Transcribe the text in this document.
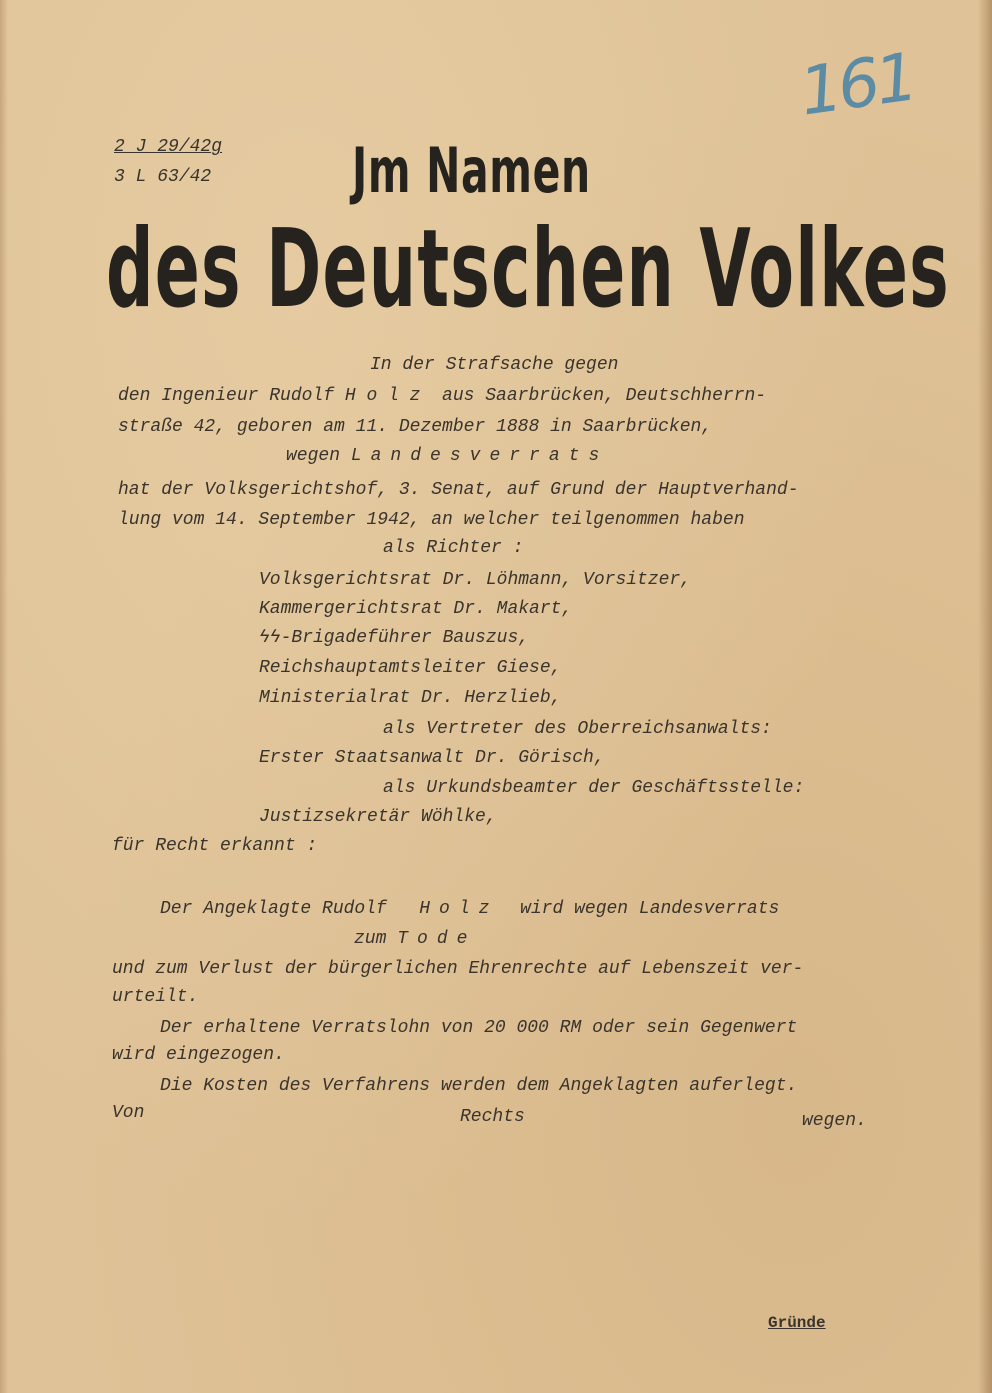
161
2 J 29/42g
3 L 63/42 Jm Namen
des Deutschen Volkes
In der Strafsache gegen
den Ingenieur Rudolf H o l z  aus Saarbrücken, Deutschherrn-
straße 42, geboren am 11. Dezember 1888 in Saarbrücken,
wegen Landesverrats
hat der Volksgerichtshof, 3. Senat, auf Grund der Hauptverhand-
lung vom 14. September 1942, an welcher teilgenommen haben
als Richter :
Volksgerichtsrat Dr. Löhmann, Vorsitzer,
Kammergerichtsrat Dr. Makart,
ϟϟ-Brigadeführer Bauszus,
Reichshauptamtsleiter Giese,
Ministerialrat Dr. Herzlieb,
als Vertreter des Oberreichsanwalts:
Erster Staatsanwalt Dr. Görisch,
als Urkundsbeamter der Geschäftsstelle:
Justizsekretär Wöhlke,
für Recht erkannt :
Der Angeklagte Rudolf Holz wird wegen Landesverrats
zum Tode
und zum Verlust der bürgerlichen Ehrenrechte auf Lebenszeit ver-
urteilt.
Der erhaltene Verratslohn von 20 000 RM oder sein Gegenwert
wird eingezogen.
Die Kosten des Verfahrens werden dem Angeklagten auferlegt.
Von	Rechts	wegen.
Gründe
